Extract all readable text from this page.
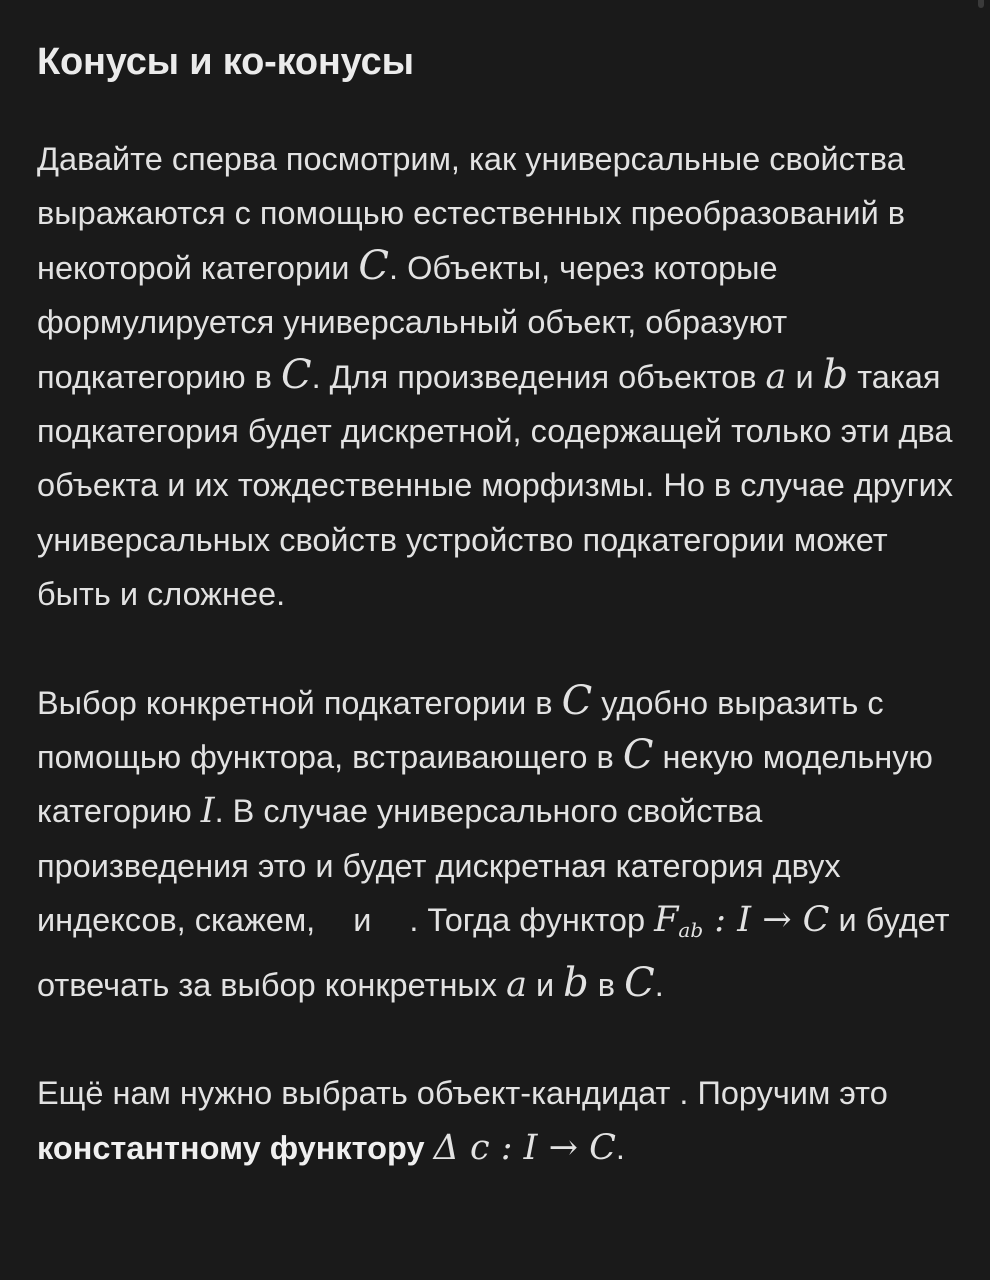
Конусы и ко-конусы

Давайте сперва посмотрим, как универсальные свойства выражаются с помощью естественных преобразований в некоторой категории C. Объекты, через которые формулируется универсальный объект, образуют подкатегорию в C. Для произведения объектов a и b такая подкатегория будет дискретной, содержащей только эти два объекта и их тождественные морфизмы. Но в случае других универсальных свойств устройство подкатегории может быть и сложнее.

Выбор конкретной подкатегории в C удобно выразить с помощью функтора, встраивающего в C некую модельную категорию I. В случае универсального свойства произведения это и будет дискретная категория двух индексов, скажем, и . Тогда функтор $F_{ab}$ : I → C и будет отвечать за выбор конкретных a и b в C.

Ещё нам нужно выбрать объект-кандидат . Поручим это константному функтору Δ c : I → C.
